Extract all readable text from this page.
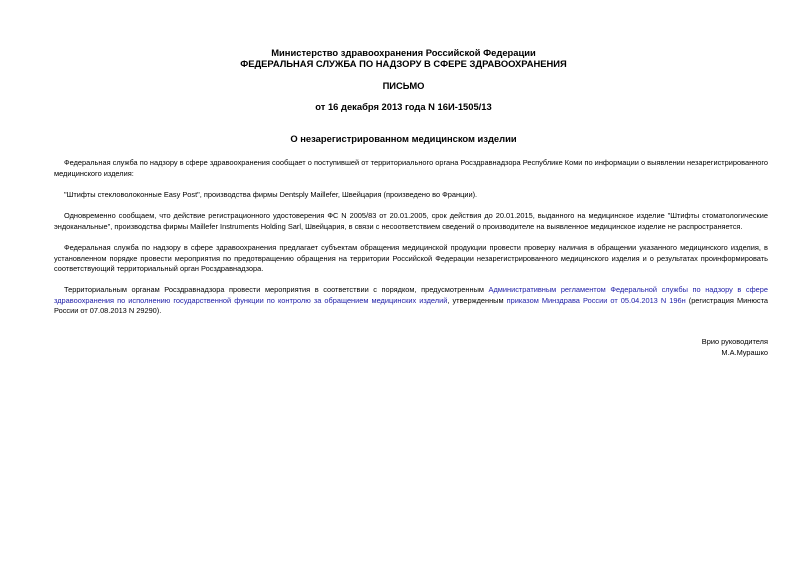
Министерство здравоохранения Российской Федерации
ФЕДЕРАЛЬНАЯ СЛУЖБА ПО НАДЗОРУ В СФЕРЕ ЗДРАВООХРАНЕНИЯ
ПИСЬМО
от 16 декабря 2013 года N 16И-1505/13
О незарегистрированном медицинском изделии
Федеральная служба по надзору в сфере здравоохранения сообщает о поступившей от территориального органа Росздравнадзора Республике Коми по информации о выявлении незарегистрированного медицинского изделия:
"Штифты стекловолоконные Easy Post", производства фирмы Dentsply Maillefer, Швейцария (произведено во Франции).
Одновременно сообщаем, что действие регистрационного удостоверения ФС N 2005/83 от 20.01.2005, срок действия до 20.01.2015, выданного на медицинское изделие "Штифты стоматологические эндоканальные", производства фирмы Maillefer Instruments Holding Sarl, Швейцария, в связи с несоответствием сведений о производителе на выявленное медицинское изделие не распространяется.
Федеральная служба по надзору в сфере здравоохранения предлагает субъектам обращения медицинской продукции провести проверку наличия в обращении указанного медицинского изделия, в установленном порядке провести мероприятия по предотвращению обращения на территории Российской Федерации незарегистрированного медицинского изделия и о результатах проинформировать соответствующий территориальный орган Росздравнадзора.
Территориальным органам Росздравнадзора провести мероприятия в соответствии с порядком, предусмотренным Административным регламентом Федеральной службы по надзору в сфере здравоохранения по исполнению государственной функции по контролю за обращением медицинских изделий, утвержденным приказом Минздрава России от 05.04.2013 N 196н (регистрация Минюста России от 07.08.2013 N 29290).
Врио руководителя
М.А.Мурашко
